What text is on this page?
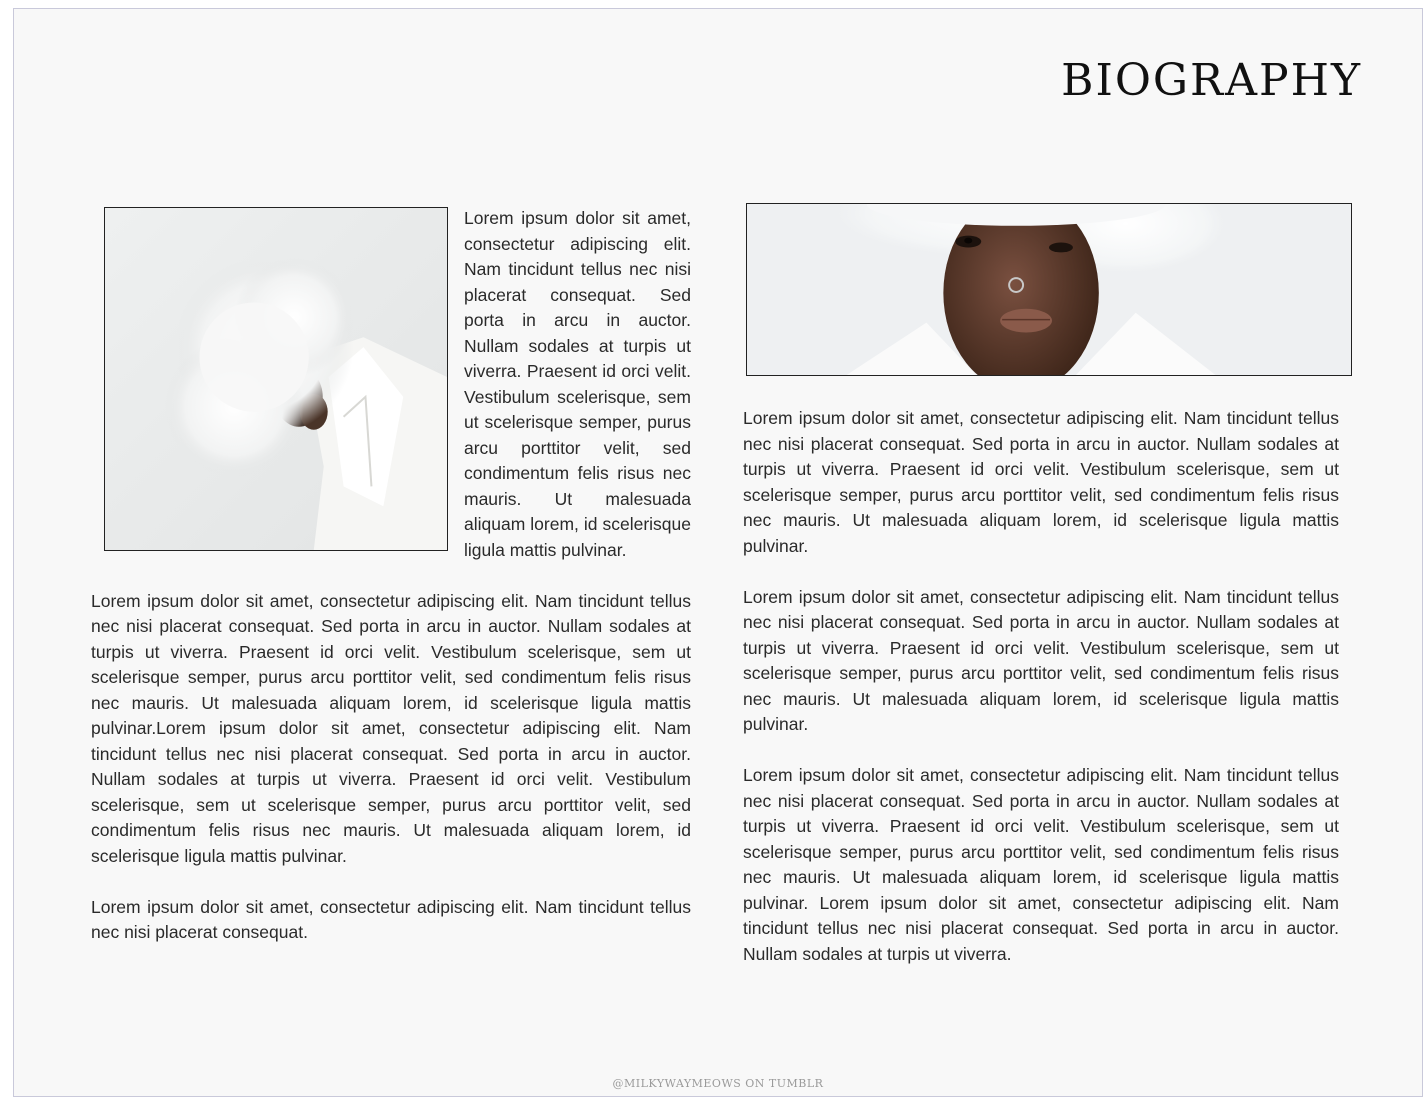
BIOGRAPHY

Lorem ipsum dolor sit amet, consectetur adipiscing elit. Nam tincidunt tellus nec nisi placerat consequat. Sed porta in arcu in auctor. Nullam sodales at turpis ut viverra. Praesent id orci velit. Vestibulum scelerisque, sem ut scelerisque semper, purus arcu porttitor velit, sed condimentum felis risus nec mauris. Ut malesuada aliquam lorem, id scelerisque ligula mattis pulvinar.

Lorem ipsum dolor sit amet, consectetur adipiscing elit. Nam tincidunt tellus nec nisi placerat consequat. Sed porta in arcu in auctor. Nullam sodales at turpis ut viverra. Praesent id orci velit. Vestibulum scelerisque, sem ut scelerisque semper, purus arcu porttitor velit, sed condimentum felis risus nec mauris. Ut malesuada aliquam lorem, id scelerisque ligula mattis pulvinar.Lorem ipsum dolor sit amet, consectetur adipiscing elit. Nam tincidunt tellus nec nisi placerat consequat. Sed porta in arcu in auctor. Nullam sodales at turpis ut viverra. Praesent id orci velit. Vestibulum scelerisque, sem ut scelerisque semper, purus arcu porttitor velit, sed condimentum felis risus nec mauris. Ut malesuada aliquam lorem, id scelerisque ligula mattis pulvinar.

Lorem ipsum dolor sit amet, consectetur adipiscing elit. Nam tincidunt tellus nec nisi placerat consequat.

Lorem ipsum dolor sit amet, consectetur adipiscing elit. Nam tincidunt tellus nec nisi placerat consequat. Sed porta in arcu in auctor. Nullam sodales at turpis ut viverra. Praesent id orci velit. Vestibulum scelerisque, sem ut scelerisque semper, purus arcu porttitor velit, sed condimentum felis risus nec mauris. Ut malesuada aliquam lorem, id scelerisque ligula mattis pulvinar.

Lorem ipsum dolor sit amet, consectetur adipiscing elit. Nam tincidunt tellus nec nisi placerat consequat. Sed porta in arcu in auctor. Nullam sodales at turpis ut viverra. Praesent id orci velit. Vestibulum scelerisque, sem ut scelerisque semper, purus arcu porttitor velit, sed condimentum felis risus nec mauris. Ut malesuada aliquam lorem, id scelerisque ligula mattis pulvinar.

Lorem ipsum dolor sit amet, consectetur adipiscing elit. Nam tincidunt tellus nec nisi placerat consequat. Sed porta in arcu in auctor. Nullam sodales at turpis ut viverra. Praesent id orci velit. Vestibulum scelerisque, sem ut scelerisque semper, purus arcu porttitor velit, sed condimentum felis risus nec mauris. Ut malesuada aliquam lorem, id scelerisque ligula mattis pulvinar. Lorem ipsum dolor sit amet, consectetur adipiscing elit. Nam tincidunt tellus nec nisi placerat consequat. Sed porta in arcu in auctor. Nullam sodales at turpis ut viverra.

@MILKYWAYMEOWS ON TUMBLR
